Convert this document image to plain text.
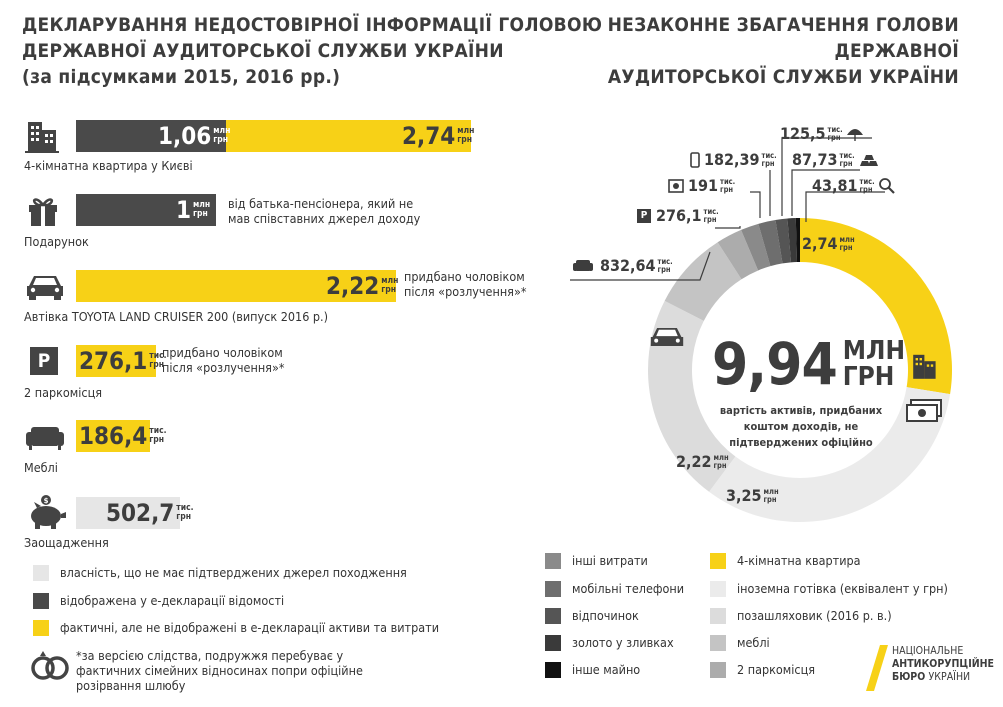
ДЕКЛАРУВАННЯ НЕДОСТОВІРНОЇ ІНФОРМАЦІЇ ГОЛОВОЮ
ДЕРЖАВНОЇ АУДИТОРСЬКОЇ СЛУЖБИ УКРАЇНИ
(за підсумками 2015, 2016 рр.)
1,06 млн
грн	2,74 млн
грн
4-кімнатна квартира у Києві
1 млн
грн
від батька-пенсіонера, який не мав співставних джерел доходу
Подарунок
2,22 млн
грн
придбано чоловіком після «розлучення»*
Автівка TOYOTA LAND CRUISER 200 (випуск 2016 р.)
P 276,1 тис.
грн
придбано чоловіком після «розлучення»*
2 паркомісця
186,4 тис.
грн
Меблі
$ 502,7 тис.
грн
Заощадження
власність, що не має підтверджених джерел походження
відображена у е-декларації відомості
фактичні, але не відображені в е-декларації активи та витрати
*за версією слідства, подружжя перебуває у фактичних сімейних відносинах попри офіційне розірвання шлюбу
НЕЗАКОННЕ ЗБАГАЧЕННЯ ГОЛОВИ ДЕРЖАВНОЇ
АУДИТОРСЬКОЇ СЛУЖБИ УКРАЇНИ
125,5 тис.
грн
182,39 тис.
грн 87,73 тис.
грн
191 тис.
грн	43,81 тис.
грн
P 276,1 тис.
грн
832,64 тис.
грн
2,74 млн
грн
2,22 млн
грн
3,25 млн
грн
9,94 МЛН
ГРН
вартість активів, придбаних коштом доходів, не підтверджених офіційно
інші витрати
мобільні телефони
відпочинок
золото у зливках
інше майно
4-кімнатна квартира
іноземна готівка (еквівалент у грн)
позашляховик (2016 р. в.)
меблі
2 паркомісця
НАЦІОНАЛЬНЕ
АНТИКОРУПЦІЙНЕ
БЮРО УКРАЇНИ
